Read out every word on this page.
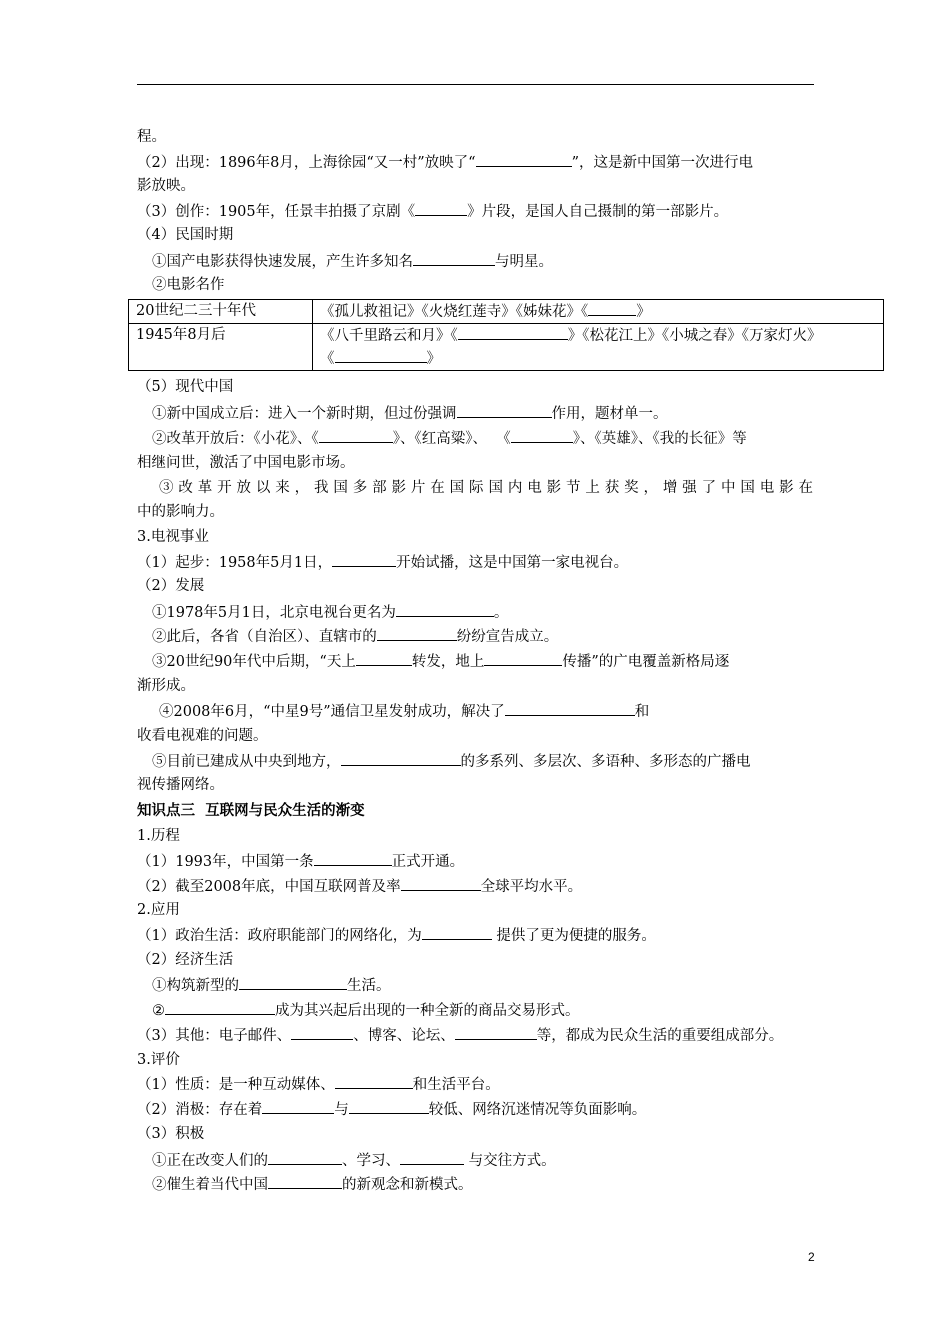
程。
（2）出现：1896年8月，上海徐园“又一村”放映了“	”，这是新中国第一次进行电
影放映。
（3）创作：1905年，任景丰拍摄了京剧《	》片段，是国人自己摄制的第一部影片。
（4）民国时期
①国产电影获得快速发展，产生许多知名	与明星。
②电影名作
20世纪二三十年代	《孤儿救祖记》《火烧红莲寺》《姊妹花》《 》
1945年8月后	《八千里路云和月》《 》《松花江上》《小城之春》《万家灯火》
《 》
（5）现代中国
①新中国成立后：进入一个新时期，但过份强调	作用，题材单一。
②改革开放后：《小花》、《	》、《红高粱》、 《	》、《英雄》、《我的长征》等
相继问世，激活了中国电影市场。
③改革开放以来，我国多部影片在国际国内电影节上获奖，增强了中国电影在
中的影响力。
3.电视事业
（1）起步：1958年5月1日，	开始试播，这是中国第一家电视台。
（2）发展
①1978年5月1日，北京电视台更名为	。
②此后，各省（自治区）、直辖市的	纷纷宣告成立。
③20世纪90年代中后期，“天上	转发，地上	传播”的广电覆盖新格局逐
渐形成。
④2008年6月，“中星9号”通信卫星发射成功，解决了	和
收看电视难的问题。
⑤目前已建成从中央到地方，	的多系列、多层次、多语种、多形态的广播电
视传播网络。
知识点三  互联网与民众生活的渐变
1.历程
（1）1993年，中国第一条	正式开通。
（2）截至2008年底，中国互联网普及率	全球平均水平。
2.应用
（1）政治生活：政府职能部门的网络化，为	提供了更为便捷的服务。
（2）经济生活
①构筑新型的	生活。
②	成为其兴起后出现的一种全新的商品交易形式。
（3）其他：电子邮件、	、博客、论坛、	等，都成为民众生活的重要组成部分。
3.评价
（1）性质：是一种互动媒体、	和生活平台。
（2）消极：存在着	与	较低、网络沉迷情况等负面影响。
（3）积极
①正在改变人们的	、学习、	与交往方式。
②催生着当代中国	的新观念和新模式。
2
